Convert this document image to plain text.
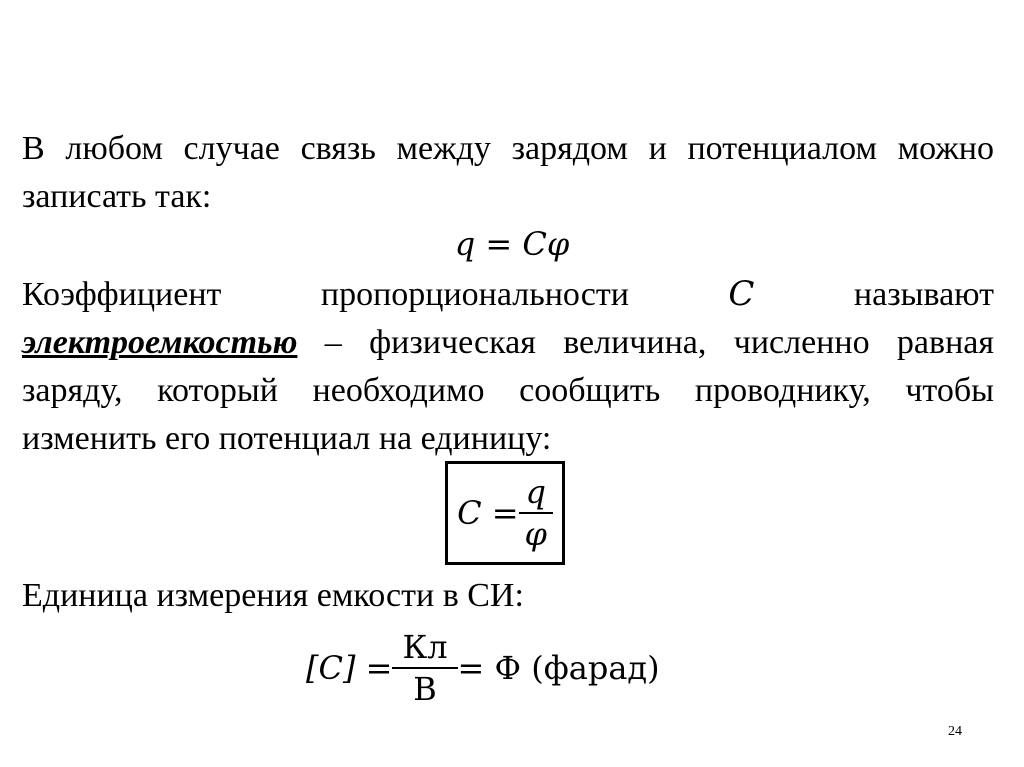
В любом случае связь между зарядом и потенциалом можно записать так:

q = Cφ

Коэффициент пропорциональности C называют электроемкостью – физическая величина, численно равная заряду, который необходимо сообщить проводнику, чтобы изменить его потенциал на единицу:

$C = \frac{q}{\varphi}$

Единица измерения емкости в СИ:

$[C] = \frac{Кл}{В} = Ф$ (фарад)
24
